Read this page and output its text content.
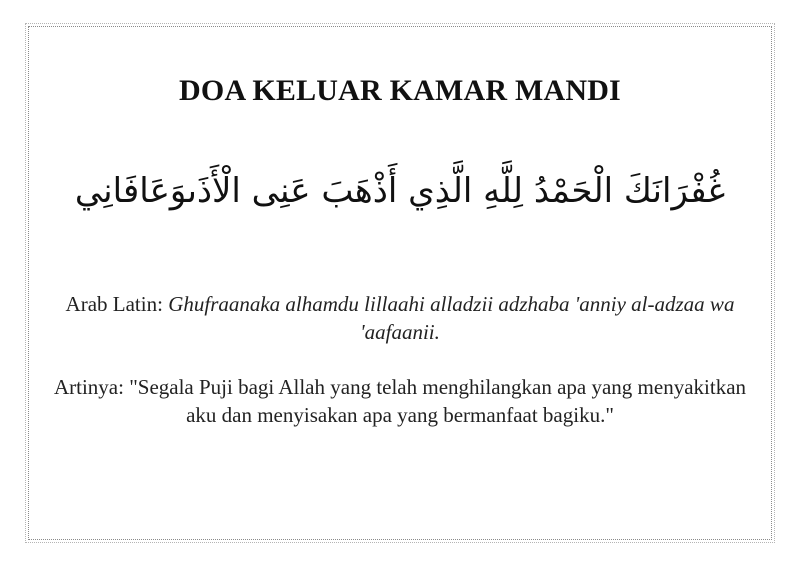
DOA KELUAR KAMAR MANDI

غُفْرَانَكَ الْحَمْدُ لِلَّهِ الَّذِي أَذْهَبَ عَنِى الْأَذَىوَعَافَانِي

Arab Latin: Ghufraanaka alhamdu lillaahi alladzii adzhaba 'anniy al-adzaa wa 'aafaanii.

Artinya: "Segala Puji bagi Allah yang telah menghilangkan apa yang menyakitkan aku dan menyisakan apa yang bermanfaat bagiku."
